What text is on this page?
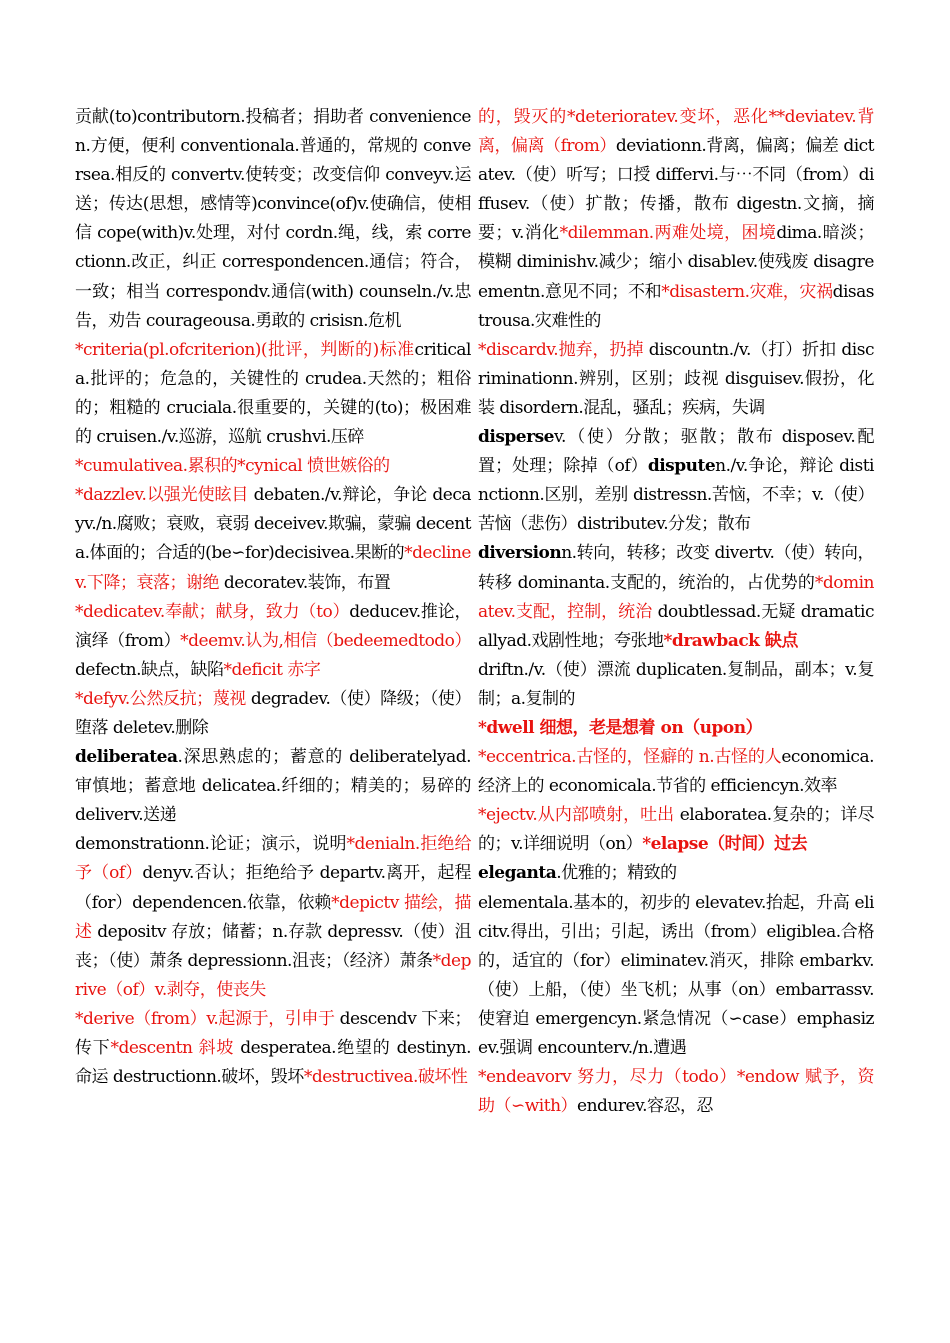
贡献(to)contributorn.投稿者；捐助者 conveniencen.方便，便利 conventionala.普通的，常规的 conversea.相反的 convertv.使转变；改变信仰 conveyv.运送；传达(思想，感情等)convince(of)v.使确信，使相信 cope(with)v.处理，对付 cordn.绳，线，索 correctionn.改正，纠正 correspondencen.通信；符合，一致；相当 correspondv.通信(with) counseln./v.忠告，劝告 courageousa.勇敢的 crisisn.危机
*criteria(pl.ofcriterion)(批评，判断的)标准criticala.批评的；危急的，关键性的 crudea.天然的；粗俗的；粗糙的 cruciala.很重要的，关键的(to)；极困难的 cruisen./v.巡游，巡航 crushvi.压碎
*cumulativea.累积的*cynical 愤世嫉俗的
*dazzlev.以强光使眩目 debaten./v.辩论，争论 decayv./n.腐败；衰败，衰弱 deceivev.欺骗，蒙骗 decenta.体面的；合适的(be∽for)decisivea.果断的*declinev.下降；衰落；谢绝 decoratev.装饰，布置
*dedicatev.奉献；献身，致力（to）deducev.推论，演绎（from）*deemv.认为,相信（bedeemedtodo）defectn.缺点，缺陷*deficit 赤字
*defyv.公然反抗；蔑视 degradev.（使）降级；（使）堕落 deletev.删除
deliberatea.深思熟虑的；蓄意的 deliberatelyad.审慎地；蓄意地 delicatea.纤细的；精美的；易碎的 deliverv.送递
demonstrationn.论证；演示，说明*denialn.拒绝给予（of）denyv.否认；拒绝给予 departv.离开，起程（for）dependencen.依靠，依赖*depictv 描绘，描述 depositv 存放；储蓄；n.存款 depressv.（使）沮丧；（使）萧条 depressionn.沮丧；（经济）萧条*deprive（of）v.剥夺，使丧失
*derive（from）v.起源于，引申于 descendv 下来；传下*descentn 斜坡 desperatea.绝望的 destinyn.命运 destructionn.破坏，毁坏*destructivea.破坏性
的，毁灭的*deterioratev.变坏，恶化**deviatev.背离，偏离（from）deviationn.背离，偏离；偏差 dictatev.（使）听写；口授 differvi.与⋯不同（from）diffusev.（使）扩散；传播，散布 digestn.文摘，摘要；v.消化*dilemman.两难处境，困境dima.暗淡；模糊 diminishv.减少；缩小 disablev.使残废 disagreementn.意见不同；不和*disastern.灾难，灾祸disastrousa.灾难性的
*discardv.抛弃，扔掉 discountn./v.（打）折扣 discriminationn.辨别，区别；歧视 disguisev.假扮，化装 disordern.混乱，骚乱；疾病，失调
dispersev.（使）分散；驱散；散布 disposev.配置；处理；除掉（of）disputen./v.争论，辩论 distinctionn.区别，差别 distressn.苦恼，不幸；v.（使）苦恼（悲伤）distributev.分发；散布
diversionn.转向，转移；改变 divertv.（使）转向，转移 dominanta.支配的，统治的，占优势的*dominatev.支配，控制，统治 doubtlessad.无疑 dramaticallyad.戏剧性地；夸张地*drawback 缺点
driftn./v.（使）漂流 duplicaten.复制品，副本；v.复制；a.复制的
*dwell 细想，老是想着 on（upon）
*eccentrica.古怪的，怪癖的 n.古怪的人economica.经济上的 economicala.节省的 efficiencyn.效率
*ejectv.从内部喷射，吐出 elaboratea.复杂的；详尽的；v.详细说明（on）*elapse（时间）过去
eleganta.优雅的；精致的
elementala.基本的，初步的 elevatev.抬起，升高 elicitv.得出，引出；引起，诱出（from）eligiblea.合格的，适宜的（for）eliminatev.消灭，排除 embarkv.（使）上船，（使）坐飞机；从事（on）embarrassv.使窘迫 emergencyn.紧急情况（∽case）emphasizev.强调 encounterv./n.遭遇
*endeavorv 努力，尽力（todo）*endow 赋予，资助（∽with）endurev.容忍，忍
